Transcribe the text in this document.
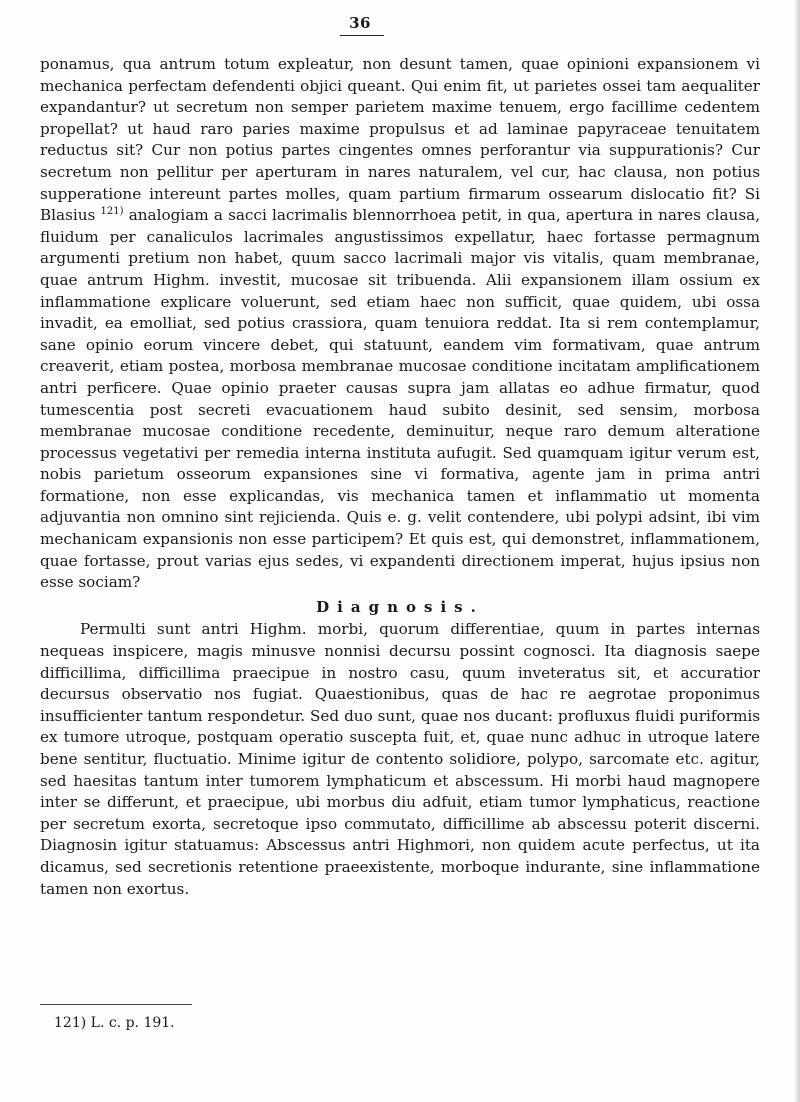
36

ponamus, qua antrum totum expleatur, non desunt tamen, quae opinioni expansionem vi mechanica perfectam defendenti objici queant. Qui enim fit, ut parietes ossei tam aequaliter expandantur? ut secretum non semper parietem maxime tenuem, ergo facillime cedentem propellat? ut haud raro paries maxime propulsus et ad laminae papyraceae tenuitatem reductus sit? Cur non potius partes cingentes omnes perforantur via suppurationis? Cur secretum non pellitur per aperturam in nares naturalem, vel cur, hac clausa, non potius supperatione intereunt partes molles, quam partium firmarum ossearum dislocatio fit? Si Blasius $^{121)}$ analogiam a sacci lacrimalis blennorrhoea petit, in qua, apertura in nares clausa, fluidum per canaliculos lacrimales angustissimos expellatur, haec fortasse permagnum argumenti pretium non habet, quum sacco lacrimali major vis vitalis, quam membranae, quae antrum Highm. investit, mucosae sit tribuenda. Alii expansionem illam ossium ex inflammatione explicare voluerunt, sed etiam haec non sufficit, quae quidem, ubi ossa invadit, ea emolliat, sed potius crassiora, quam tenuiora reddat. Ita si rem contemplamur, sane opinio eorum vincere debet, qui statuunt, eandem vim formativam, quae antrum creaverit, etiam postea, morbosa membranae mucosae conditione incitatam amplificationem antri perficere. Quae opinio praeter causas supra jam allatas eo adhue firmatur, quod tumescentia post secreti evacuationem haud subito desinit, sed sensim, morbosa membranae mucosae conditione recedente, deminuitur, neque raro demum alteratione processus vegetativi per remedia interna instituta aufugit. Sed quamquam igitur verum est, nobis parietum osseorum expansiones sine vi formativa, agente jam in prima antri formatione, non esse explicandas, vis mechanica tamen et inflammatio ut momenta adjuvantia non omnino sint rejicienda. Quis e. g. velit contendere, ubi polypi adsint, ibi vim mechanicam expansionis non esse participem? Et quis est, qui demonstret, inflammationem, quae fortasse, prout varias ejus sedes, vi expandenti directionem imperat, hujus ipsius non esse sociam?

Diagnosis.

Permulti sunt antri Highm. morbi, quorum differentiae, quum in partes internas nequeas inspicere, magis minusve nonnisi decursu possint cognosci. Ita diagnosis saepe difficillima, difficillima praecipue in nostro casu, quum inveteratus sit, et accuratior decursus observatio nos fugiat. Quaestionibus, quas de hac re aegrotae proponimus insufficienter tantum respondetur. Sed duo sunt, quae nos ducant: profluxus fluidi puriformis ex tumore utroque, postquam operatio suscepta fuit, et, quae nunc adhuc in utroque latere bene sentitur, fluctuatio. Minime igitur de contento solidiore, polypo, sarcomate etc. agitur, sed haesitas tantum inter tumorem lymphaticum et abscessum. Hi morbi haud magnopere inter se differunt, et praecipue, ubi morbus diu adfuit, etiam tumor lymphaticus, reactione per secretum exorta, secretoque ipso commutato, difficillime ab abscessu poterit discerni. Diagnosin igitur statuamus: Abscessus antri Highmori, non quidem acute perfectus, ut ita dicamus, sed secretionis retentione praeexistente, morboque indurante, sine inflammatione tamen non exortus.

121) L. c. p. 191.
